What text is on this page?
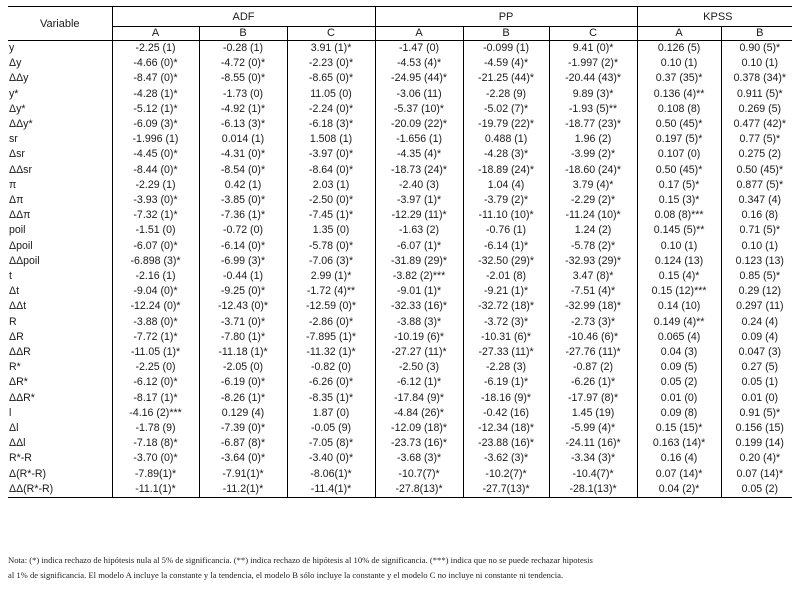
Variable	ADF			PP			KPSS	
	A	B	C	A	B	C	A	B
y	-2.25 (1)	-0.28 (1)	3.91 (1)*	-1.47 (0)	-0.099 (1)	9.41 (0)*	0.126 (5)	0.90 (5)*
Δy	-4.66 (0)*	-4.72 (0)*	-2.23 (0)*	-4.53 (4)*	-4.59 (4)*	-1.997 (2)*	0.10 (1)	0.10 (1)
ΔΔy	-8.47 (0)*	-8.55 (0)*	-8.65 (0)*	-24.95 (44)*	-21.25 (44)*	-20.44 (43)*	0.37 (35)*	0.378 (34)*
y*	-4.28 (1)*	-1.73 (0)	11.05 (0)	-3.06 (11)	-2.28 (9)	9.89 (3)*	0.136 (4)**	0.911 (5)*
Δy*	-5.12 (1)*	-4.92 (1)*	-2.24 (0)*	-5.37 (10)*	-5.02 (7)*	-1.93 (5)**	0.108 (8)	0.269 (5)
ΔΔy*	-6.09 (3)*	-6.13 (3)*	-6.18 (3)*	-20.09 (22)*	-19.79 (22)*	-18.77 (23)*	0.50 (45)*	0.477 (42)*
sr	-1.996 (1)	0.014 (1)	1.508 (1)	-1.656 (1)	0.488 (1)	1.96 (2)	0.197 (5)*	0.77 (5)*
Δsr	-4.45 (0)*	-4.31 (0)*	-3.97 (0)*	-4.35 (4)*	-4.28 (3)*	-3.99 (2)*	0.107 (0)	0.275 (2)
ΔΔsr	-8.44 (0)*	-8.54 (0)*	-8.64 (0)*	-18.73 (24)*	-18.89 (24)*	-18.60 (24)*	0.50 (45)*	0.50 (45)*
π	-2.29 (1)	0.42 (1)	2.03 (1)	-2.40 (3)	1.04 (4)	3.79 (4)*	0.17 (5)*	0.877 (5)*
Δπ	-3.93 (0)*	-3.85 (0)*	-2.50 (0)*	-3.97 (1)*	-3.79 (2)*	-2.29 (2)*	0.15 (3)*	0.347 (4)
ΔΔπ	-7.32 (1)*	-7.36 (1)*	-7.45 (1)*	-12.29 (11)*	-11.10 (10)*	-11.24 (10)*	0.08 (8)***	0.16 (8)
poil	-1.51 (0)	-0.72 (0)	1.35 (0)	-1.63 (2)	-0.76 (1)	1.24 (2)	0.145 (5)**	0.71 (5)*
Δpoil	-6.07 (0)*	-6.14 (0)*	-5.78 (0)*	-6.07 (1)*	-6.14 (1)*	-5.78 (2)*	0.10 (1)	0.10 (1)
ΔΔpoil	-6.898 (3)*	-6.99 (3)*	-7.06 (3)*	-31.89 (29)*	-32.50 (29)*	-32.93 (29)*	0.124 (13)	0.123 (13)
t	-2.16 (1)	-0.44 (1)	2.99 (1)*	-3.82 (2)***	-2.01 (8)	3.47 (8)*	0.15 (4)*	0.85 (5)*
Δt	-9.04 (0)*	-9.25 (0)*	-1.72 (4)**	-9.01 (1)*	-9.21 (1)*	-7.51 (4)*	0.15 (12)***	0.29 (12)
ΔΔt	-12.24 (0)*	-12.43 (0)*	-12.59 (0)*	-32.33 (16)*	-32.72 (18)*	-32.99 (18)*	0.14 (10)	0.297 (11)
R	-3.88 (0)*	-3.71 (0)*	-2.86 (0)*	-3.88 (3)*	-3.72 (3)*	-2.73 (3)*	0.149 (4)**	0.24 (4)
ΔR	-7.72 (1)*	-7.80 (1)*	-7.895 (1)*	-10.19 (6)*	-10.31 (6)*	-10.46 (6)*	0.065 (4)	0.09 (4)
ΔΔR	-11.05 (1)*	-11.18 (1)*	-11.32 (1)*	-27.27 (11)*	-27.33 (11)*	-27.76 (11)*	0.04 (3)	0.047 (3)
R*	-2.25 (0)	-2.05 (0)	-0.82 (0)	-2.50 (3)	-2.28 (3)	-0.87 (2)	0.09 (5)	0.27 (5)
ΔR*	-6.12 (0)*	-6.19 (0)*	-6.26 (0)*	-6.12 (1)*	-6.19 (1)*	-6.26 (1)*	0.05 (2)	0.05 (1)
ΔΔR*	-8.17 (1)*	-8.26 (1)*	-8.35 (1)*	-17.84 (9)*	-18.16 (9)*	-17.97 (8)*	0.01 (0)	0.01 (0)
l	-4.16 (2)***	0.129 (4)	1.87 (0)	-4.84 (26)*	-0.42 (16)	1.45 (19)	0.09 (8)	0.91 (5)*
Δl	-1.78 (9)	-7.39 (0)*	-0.05 (9)	-12.09 (18)*	-12.34 (18)*	-5.99 (4)*	0.15 (15)*	0.156 (15)
ΔΔl	-7.18 (8)*	-6.87 (8)*	-7.05 (8)*	-23.73 (16)*	-23.88 (16)*	-24.11 (16)*	0.163 (14)*	0.199 (14)
R*-R	-3.70 (0)*	-3.64 (0)*	-3.40 (0)*	-3.68 (3)*	-3.62 (3)*	-3.34 (3)*	0.16 (4)	0.20 (4)*
Δ(R*-R)	-7.89(1)*	-7.91(1)*	-8.06(1)*	-10.7(7)*	-10.2(7)*	-10.4(7)*	0.07 (14)*	0.07 (14)*
ΔΔ(R*-R)	-11.1(1)*	-11.2(1)*	-11.4(1)*	-27.8(13)*	-27.7(13)*	-28.1(13)*	0.04 (2)*	0.05 (2)
Nota: (*) indica rechazo de hipótesis nula al 5% de significancia. (**) indica rechazo de hipótesis al 10% de significancia. (***) indica que no se puede rechazar hipotesis
al 1% de significancia. El modelo A incluye la constante y la tendencia, el modelo B sólo incluye la constante y el modelo C no incluye ni constante ni tendencia.
